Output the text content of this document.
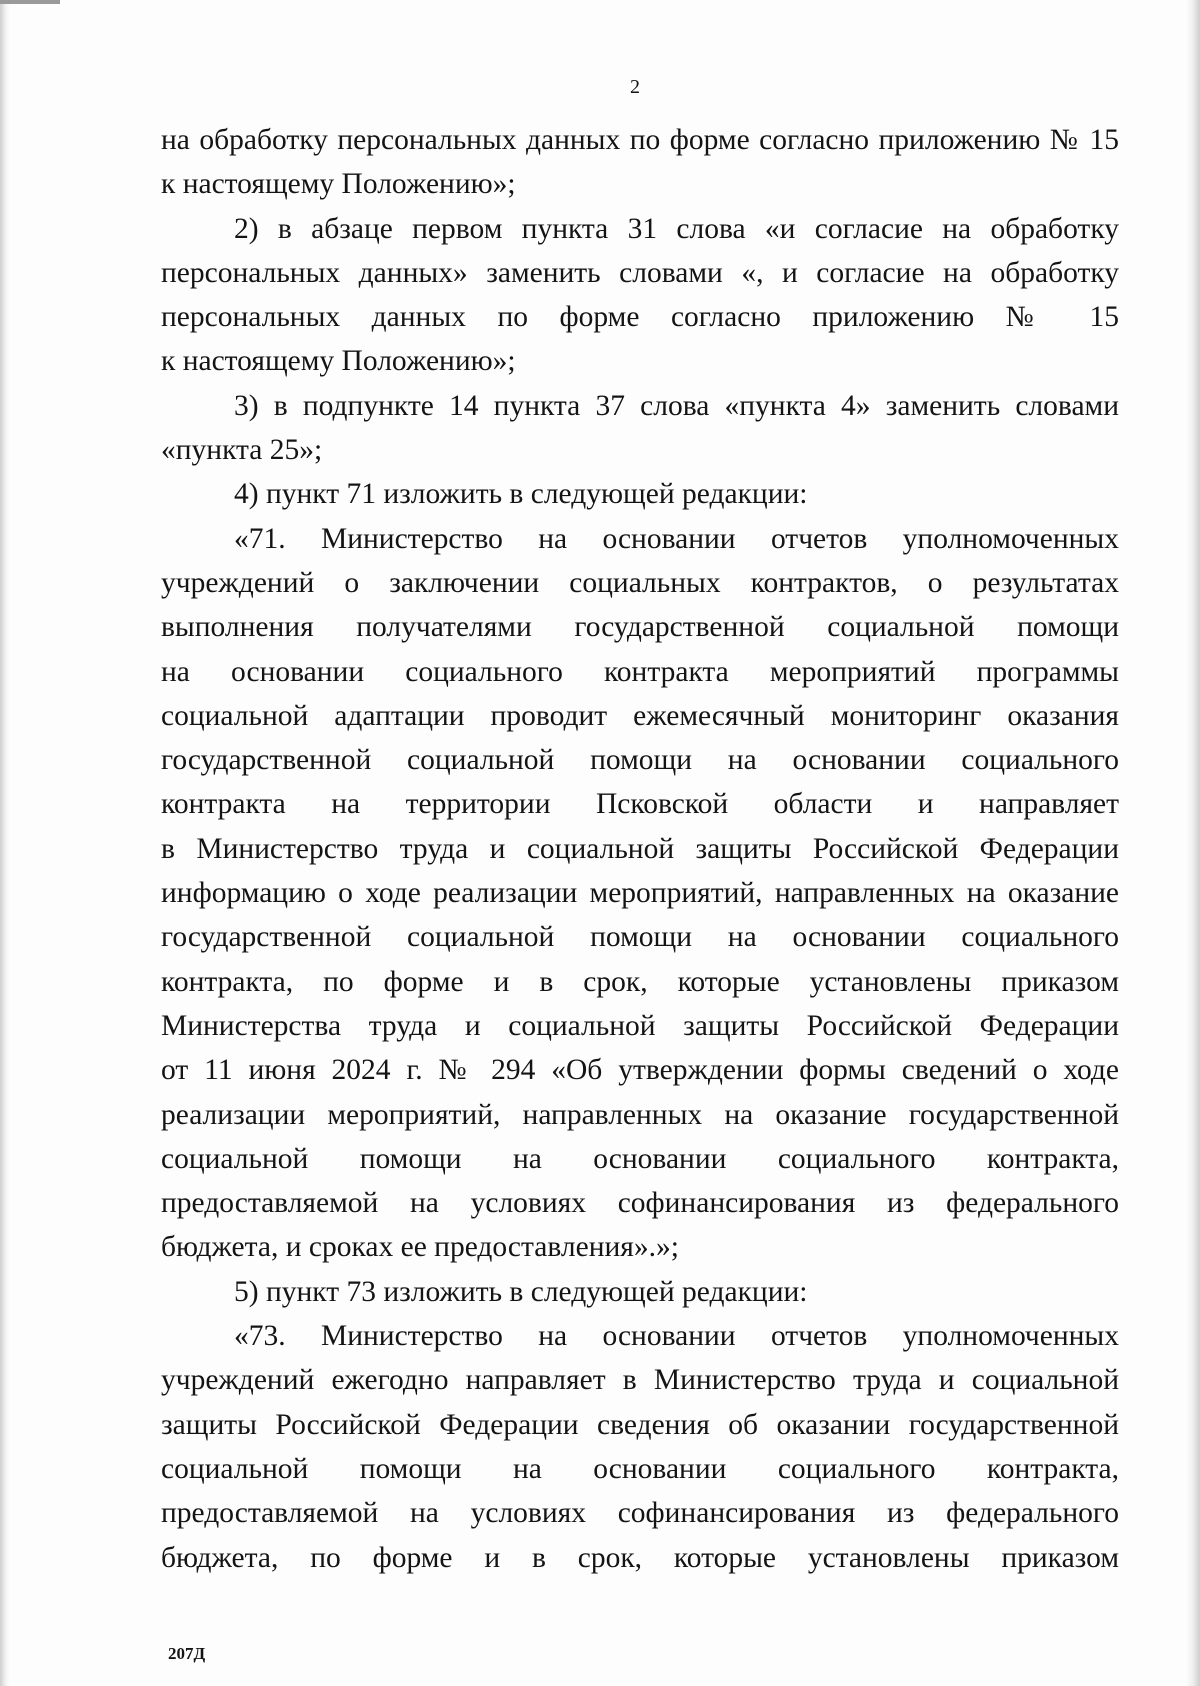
2
на обработку персональных данных по форме согласно приложению № 15
к настоящему Положению»;
2) в абзаце первом пункта 31 слова «и согласие на обработку
персональных данных» заменить словами «, и согласие на обработку
персональных данных по форме согласно приложению № 15
к настоящему Положению»;
3) в подпункте 14 пункта 37 слова «пункта 4» заменить словами
«пункта 25»;
4) пункт 71 изложить в следующей редакции:
«71. Министерство на основании отчетов уполномоченных
учреждений о заключении социальных контрактов, о результатах
выполнения получателями государственной социальной помощи
на основании социального контракта мероприятий программы
социальной адаптации проводит ежемесячный мониторинг оказания
государственной социальной помощи на основании социального
контракта на территории Псковской области и направляет
в Министерство труда и социальной защиты Российской Федерации
информацию о ходе реализации мероприятий, направленных на оказание
государственной социальной помощи на основании социального
контракта, по форме и в срок, которые установлены приказом
Министерства труда и социальной защиты Российской Федерации
от 11 июня 2024 г. № 294 «Об утверждении формы сведений о ходе
реализации мероприятий, направленных на оказание государственной
социальной помощи на основании социального контракта,
предоставляемой на условиях софинансирования из федерального
бюджета, и сроках ее предоставления».»;
5) пункт 73 изложить в следующей редакции:
«73. Министерство на основании отчетов уполномоченных
учреждений ежегодно направляет в Министерство труда и социальной
защиты Российской Федерации сведения об оказании государственной
социальной помощи на основании социального контракта,
предоставляемой на условиях софинансирования из федерального
бюджета, по форме и в срок, которые установлены приказом
207Д
